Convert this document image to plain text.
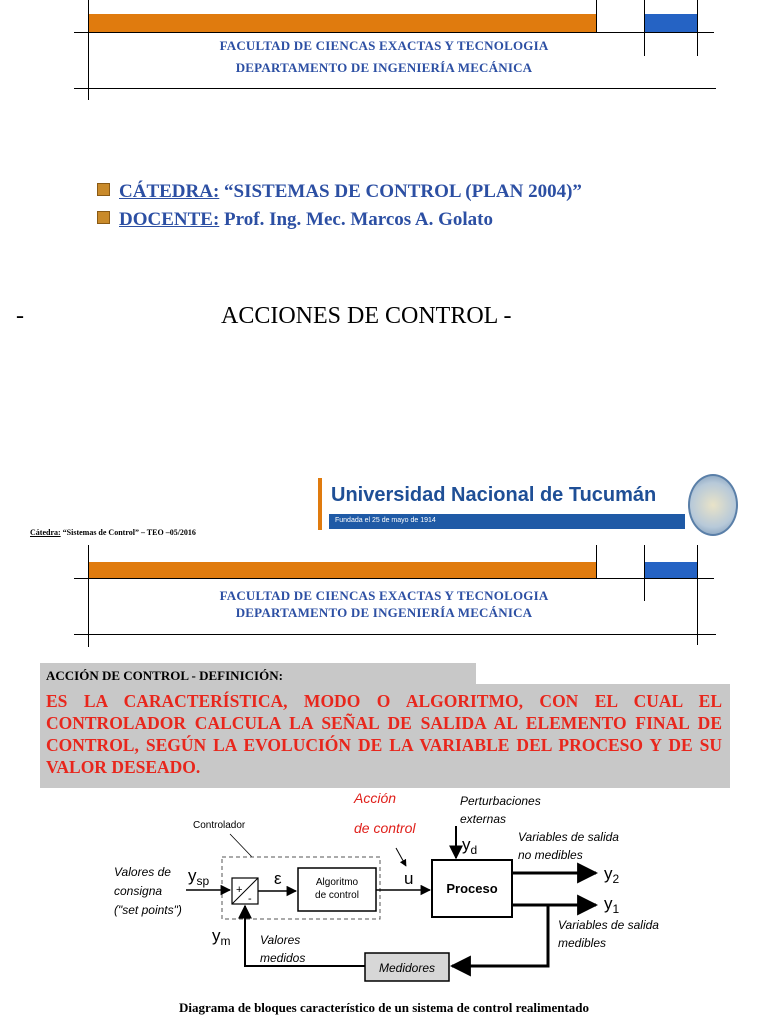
FACULTAD DE CIENCAS EXACTAS Y TECNOLOGIA
DEPARTAMENTO DE INGENIERÍA MECÁNICA
CÁTEDRA: “SISTEMAS DE CONTROL (PLAN 2004)”
DOCENTE: Prof. Ing. Mec. Marcos A. Golato
-	ACCIONES DE CONTROL -
Universidad Nacional de Tucumán
Fundada el 25 de mayo de 1914
Cátedra: “Sistemas de Control” – TEO –05/2016
FACULTAD DE CIENCAS EXACTAS Y TECNOLOGIA
DEPARTAMENTO DE INGENIERÍA MECÁNICA
ACCIÓN DE CONTROL - DEFINICIÓN:
ES LA CARACTERÍSTICA, MODO O ALGORITMO, CON EL CUAL EL CONTROLADOR CALCULA LA SEÑAL DE SALIDA AL ELEMENTO FINAL DE CONTROL, SEGÚN LA EVOLUCIÓN DE LA VARIABLE DEL PROCESO Y DE SU VALOR DESEADO.
Acción
de control
Perturbaciones
externas
$y_d$
Controlador
Valores de
consigna
("set points")
$y_{sp}$
+
-
ε	Algoritmo
de control
u
Proceso
Variables de salida
no medibles
$y_2$
$y_1$
Variables de salida
medibles
Medidores
$y_m$ Valores
medidos
Diagrama de bloques característico de un sistema de control realimentado
